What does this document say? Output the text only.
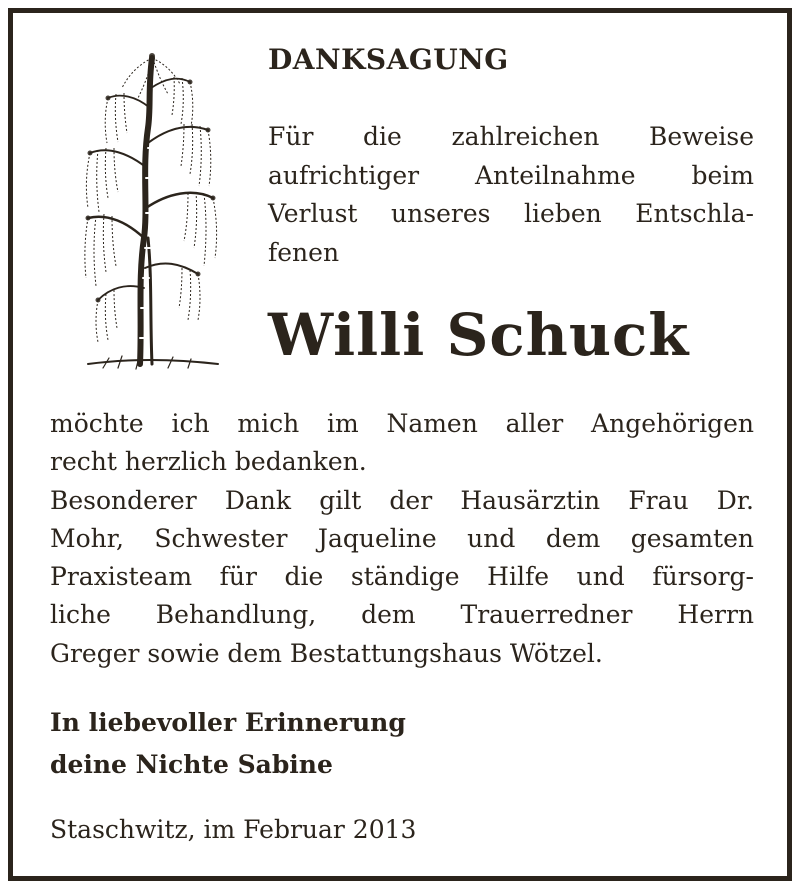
DANKSAGUNG
Für die zahlreichen Beweise
aufrichtiger Anteilnahme beim
Verlust unseres lieben Entschla-
fenen
Willi Schuck
möchte ich mich im Namen aller Angehörigen
recht herzlich bedanken.
Besonderer Dank gilt der Hausärztin Frau Dr.
Mohr, Schwester Jaqueline und dem gesamten
Praxisteam für die ständige Hilfe und fürsorg-
liche Behandlung, dem Trauerredner Herrn
Greger sowie dem Bestattungshaus Wötzel.
In liebevoller Erinnerung
deine Nichte Sabine
Staschwitz, im Februar 2013
